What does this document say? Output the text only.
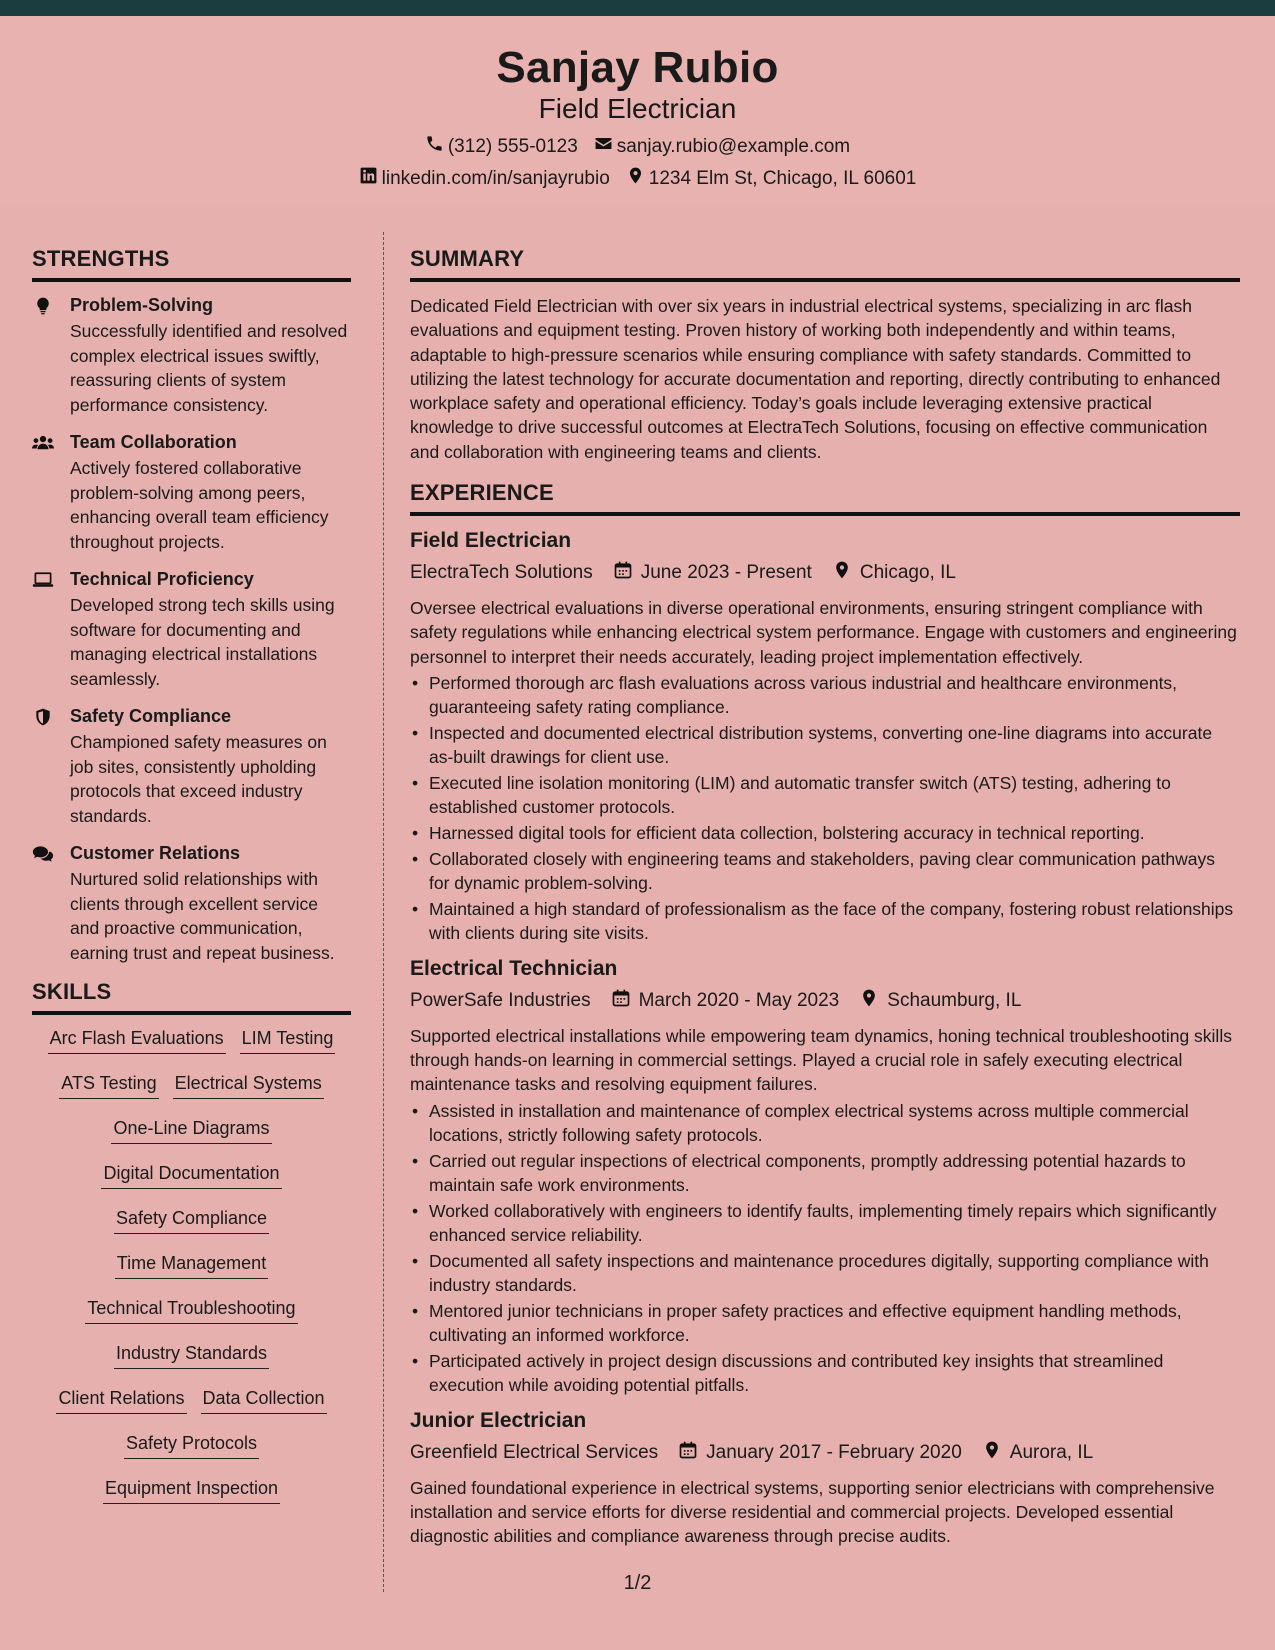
Sanjay Rubio
Field Electrician
(312) 555-0123 sanjay.rubio@example.com
linkedin.com/in/sanjayrubio 1234 Elm St, Chicago, IL 60601
STRENGTHS
Problem-Solving
Successfully identified and resolved complex electrical issues swiftly, reassuring clients of system performance consistency.
Team Collaboration
Actively fostered collaborative problem-solving among peers, enhancing overall team efficiency throughout projects.
Technical Proficiency
Developed strong tech skills using software for documenting and managing electrical installations seamlessly.
Safety Compliance
Championed safety measures on job sites, consistently upholding protocols that exceed industry standards.
Customer Relations
Nurtured solid relationships with clients through excellent service and proactive communication, earning trust and repeat business.
SKILLS
Arc Flash Evaluations LIM Testing
ATS Testing Electrical Systems
One-Line Diagrams
Digital Documentation
Safety Compliance
Time Management
Technical Troubleshooting
Industry Standards
Client Relations Data Collection
Safety Protocols
Equipment Inspection
SUMMARY
Dedicated Field Electrician with over six years in industrial electrical systems, specializing in arc flash evaluations and equipment testing. Proven history of working both independently and within teams, adaptable to high-pressure scenarios while ensuring compliance with safety standards. Committed to utilizing the latest technology for accurate documentation and reporting, directly contributing to enhanced workplace safety and operational efficiency. Today’s goals include leveraging extensive practical knowledge to drive successful outcomes at ElectraTech Solutions, focusing on effective communication and collaboration with engineering teams and clients.
EXPERIENCE
Field Electrician
ElectraTech Solutions	June 2023 - Present	Chicago, IL
Oversee electrical evaluations in diverse operational environments, ensuring stringent compliance with safety regulations while enhancing electrical system performance. Engage with customers and engineering personnel to interpret their needs accurately, leading project implementation effectively.
• Performed thorough arc flash evaluations across various industrial and healthcare environments, guaranteeing safety rating compliance.
• Inspected and documented electrical distribution systems, converting one-line diagrams into accurate as-built drawings for client use.
• Executed line isolation monitoring (LIM) and automatic transfer switch (ATS) testing, adhering to established customer protocols.
• Harnessed digital tools for efficient data collection, bolstering accuracy in technical reporting.
• Collaborated closely with engineering teams and stakeholders, paving clear communication pathways for dynamic problem-solving.
• Maintained a high standard of professionalism as the face of the company, fostering robust relationships with clients during site visits.
Electrical Technician
PowerSafe Industries	March 2020 - May 2023	Schaumburg, IL
Supported electrical installations while empowering team dynamics, honing technical troubleshooting skills through hands-on learning in commercial settings. Played a crucial role in safely executing electrical maintenance tasks and resolving equipment failures.
• Assisted in installation and maintenance of complex electrical systems across multiple commercial locations, strictly following safety protocols.
• Carried out regular inspections of electrical components, promptly addressing potential hazards to maintain safe work environments.
• Worked collaboratively with engineers to identify faults, implementing timely repairs which significantly enhanced service reliability.
• Documented all safety inspections and maintenance procedures digitally, supporting compliance with industry standards.
• Mentored junior technicians in proper safety practices and effective equipment handling methods, cultivating an informed workforce.
• Participated actively in project design discussions and contributed key insights that streamlined execution while avoiding potential pitfalls.
Junior Electrician
Greenfield Electrical Services	January 2017 - February 2020	Aurora, IL
Gained foundational experience in electrical systems, supporting senior electricians with comprehensive installation and service efforts for diverse residential and commercial projects. Developed essential diagnostic abilities and compliance awareness through precise audits.
1/2
